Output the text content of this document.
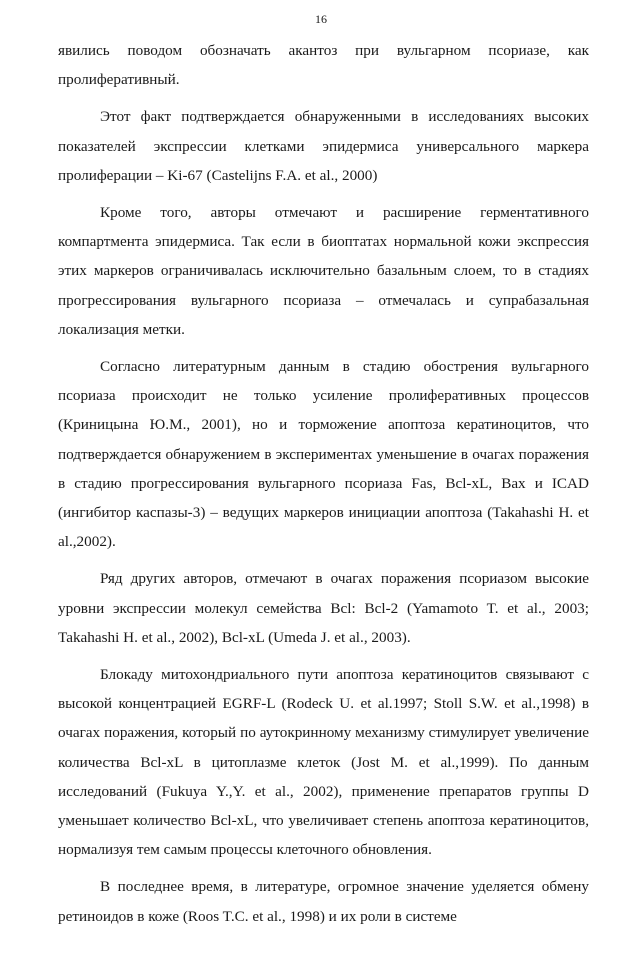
16

явились поводом обозначать акантоз при вульгарном псориазе, как пролиферативный.

Этот факт подтверждается обнаруженными в исследованиях высоких показателей экспрессии клетками эпидермиса универсального маркера пролиферации – Ki-67 (Castelijns F.A. et al., 2000)

Кроме того, авторы отмечают и расширение герментативного компартмента эпидермиса. Так если в биоптатах нормальной кожи экспрессия этих маркеров ограничивалась исключительно базальным слоем, то в стадиях прогрессирования вульгарного псориаза – отмечалась и супрабазальная локализация метки.

Согласно литературным данным в стадию обострения вульгарного псориаза происходит не только усиление пролиферативных процессов (Криницына Ю.М., 2001), но и торможение апоптоза кератиноцитов, что подтверждается обнаружением в экспериментах уменьшение в очагах поражения в стадию прогрессирования вульгарного псориаза Fas, Bcl-xL, Bax и ICAD (ингибитор каспазы-3) – ведущих маркеров инициации апоптоза (Takahashi H. et al.,2002).

Ряд других авторов, отмечают в очагах поражения псориазом высокие уровни экспрессии молекул семейства Bcl: Bcl-2 (Yamamoto T. et al., 2003; Takahashi H. et al., 2002), Bcl-xL (Umeda J. et al., 2003).

Блокаду митохондриального пути апоптоза кератиноцитов связывают с высокой концентрацией EGRF-L (Rodeck U. et al.1997; Stoll S.W. et al.,1998) в очагах поражения, который по аутокринному механизму стимулирует увеличение количества Bcl-xL в цитоплазме клеток (Jost M. et al.,1999). По данным исследований (Fukuya Y.,Y. et al., 2002), применение препаратов группы D уменьшает количество Bcl-xL, что увеличивает степень апоптоза кератиноцитов, нормализуя тем самым процессы клеточного обновления.

В последнее время, в литературе, огромное значение уделяется обмену ретиноидов в коже (Roos T.C. et al., 1998) и их роли в системе
